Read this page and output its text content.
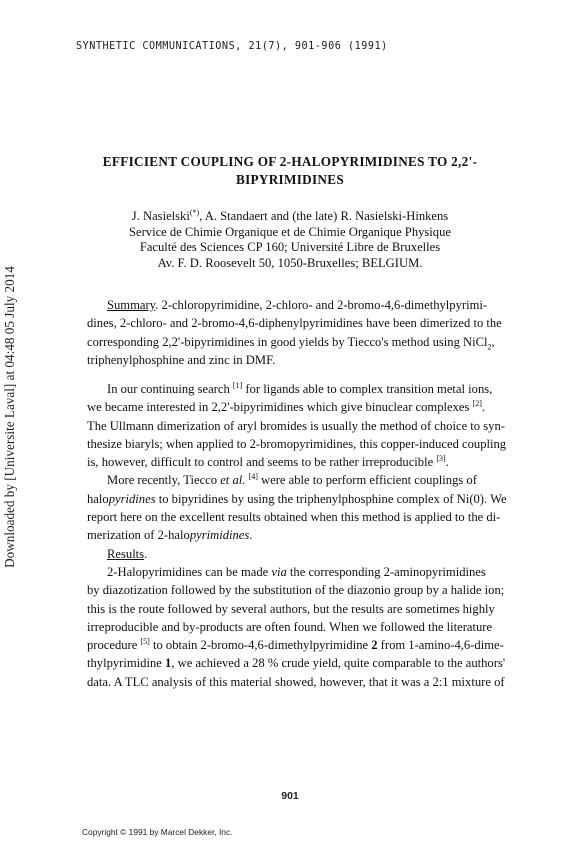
SYNTHETIC COMMUNICATIONS, 21(7), 901-906 (1991)
Downloaded by [Universite Laval] at 04:48 05 July 2014
EFFICIENT COUPLING OF 2-HALOPYRIMIDINES TO 2,2'-
BIPYRIMIDINES
J. Nasielski(*), A. Standaert and (the late) R. Nasielski-Hinkens
Service de Chimie Organique et de Chimie Organique Physique
Faculté des Sciences CP 160; Université Libre de Bruxelles
Av. F. D. Roosevelt 50, 1050-Bruxelles; BELGIUM.
Summary. 2-chloropyrimidine, 2-chloro- and 2-bromo-4,6-dimethylpyrimi-
dines, 2-chloro- and 2-bromo-4,6-diphenylpyrimidines have been dimerized to the
corresponding 2,2'-bipyrimidines in good yields by Tiecco's method using NiCl$_2$,
triphenylphosphine and zinc in DMF.
In our continuing search [1] for ligands able to complex transition metal ions,
we became interested in 2,2'-bipyrimidines which give binuclear complexes [2].
The Ullmann dimerization of aryl bromides is usually the method of choice to syn-
thesize biaryls; when applied to 2-bromopyrimidines, this copper-induced coupling
is, however, difficult to control and seems to be rather irreproducible [3].
More recently, Tiecco et al. [4] were able to perform efficient couplings of
halopyridines to bipyridines by using the triphenylphosphine complex of Ni(0). We
report here on the excellent results obtained when this method is applied to the di-
merization of 2-halopyrimidines.
Results.
2-Halopyrimidines can be made via the corresponding 2-aminopyrimidines
by diazotization followed by the substitution of the diazonio group by a halide ion;
this is the route followed by several authors, but the results are sometimes highly
irreproducible and by-products are often found. When we followed the literature
procedure [5] to obtain 2-bromo-4,6-dimethylpyrimidine 2 from 1-amino-4,6-dime-
thylpyrimidine 1, we achieved a 28 % crude yield, quite comparable to the authors'
data. A TLC analysis of this material showed, however, that it was a 2:1 mixture of
901
Copyright © 1991 by Marcel Dekker, Inc.
